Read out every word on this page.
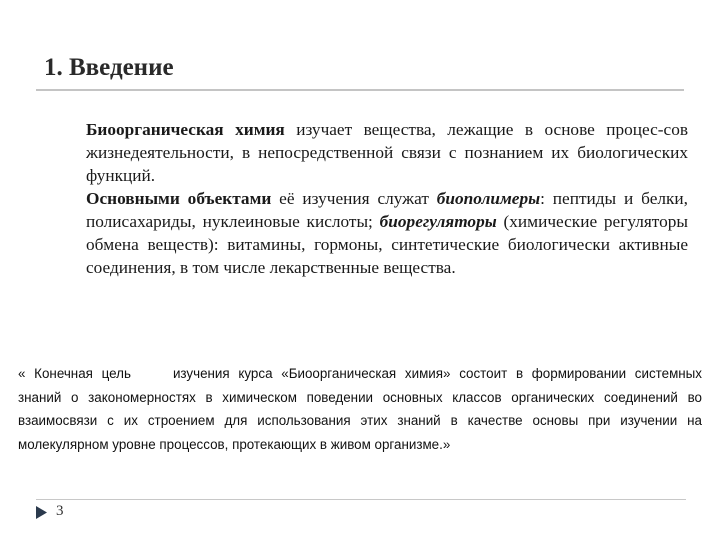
1. Введение

Биоорганическая химия изучает вещества, лежащие в основе процес-сов жизнедеятельности, в непосредственной связи с познанием их биологических функций.

Основными объектами её изучения служат биополимеры: пептиды и белки, полисахариды, нуклеиновые кислоты; биорегуляторы (химические регуляторы обмена веществ): витамины, гормоны, синтетические биологически активные соединения, в том числе лекарственные вещества.

« Конечная цель	изучения курса «Биоорганическая химия» состоит в формировании системных знаний о закономерностях в химическом поведении основных классов органических соединений во взаимосвязи с их строением для использования этих знаний в качестве основы при изучении на молекулярном уровне процессов, протекающих в живом организме.»

3
